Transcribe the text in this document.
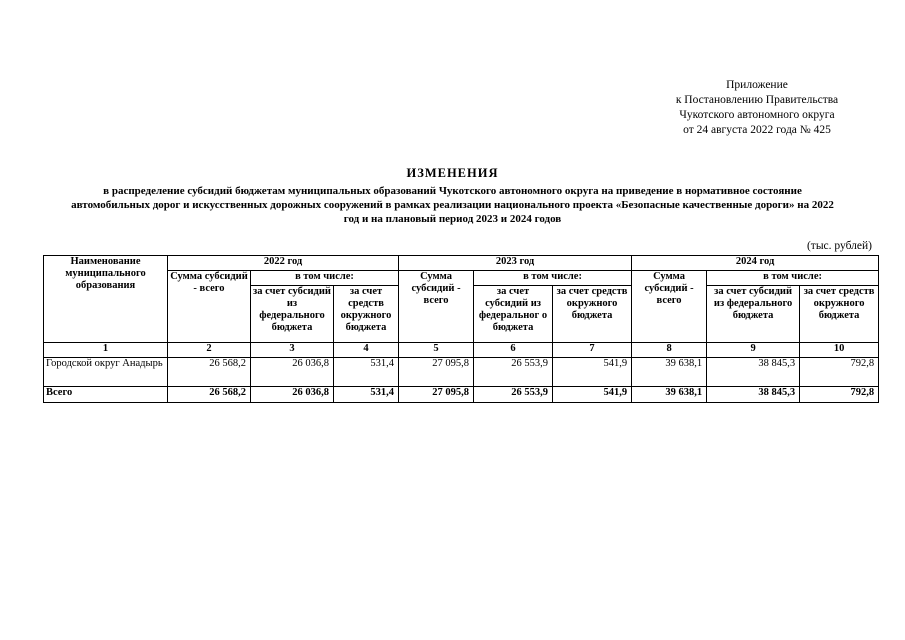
Приложение
к Постановлению Правительства
Чукотского автономного округа
от 24 августа 2022 года № 425
ИЗМЕНЕНИЯ
в распределение субсидий бюджетам муниципальных образований Чукотского автономного округа на приведение в нормативное состояние автомобильных дорог и искусственных дорожных сооружений в рамках реализации национального проекта «Безопасные качественные дороги» на 2022 год и на плановый период 2023 и 2024 годов
(тыс. рублей)
Наименование муниципального образования	2022 год			2023 год			2024 год		
	Сумма субсидий - всего	в том числе:		Сумма субсидий - всего	в том числе:		Сумма субсидий - всего	в том числе:	
		за счет субсидий из федерального бюджета	за счет средств окружного бюджета		за счет субсидий из федеральног о бюджета	за счет средств окружного бюджета		за счет субсидий из федерального бюджета	за счет средств окружного бюджета
1	2	3	4	5	6	7	8	9	10
Городской округ Анадырь	26 568,2	26 036,8	531,4	27 095,8	26 553,9	541,9	39 638,1	38 845,3	792,8
Всего	26 568,2	26 036,8	531,4	27 095,8	26 553,9	541,9	39 638,1	38 845,3	792,8
